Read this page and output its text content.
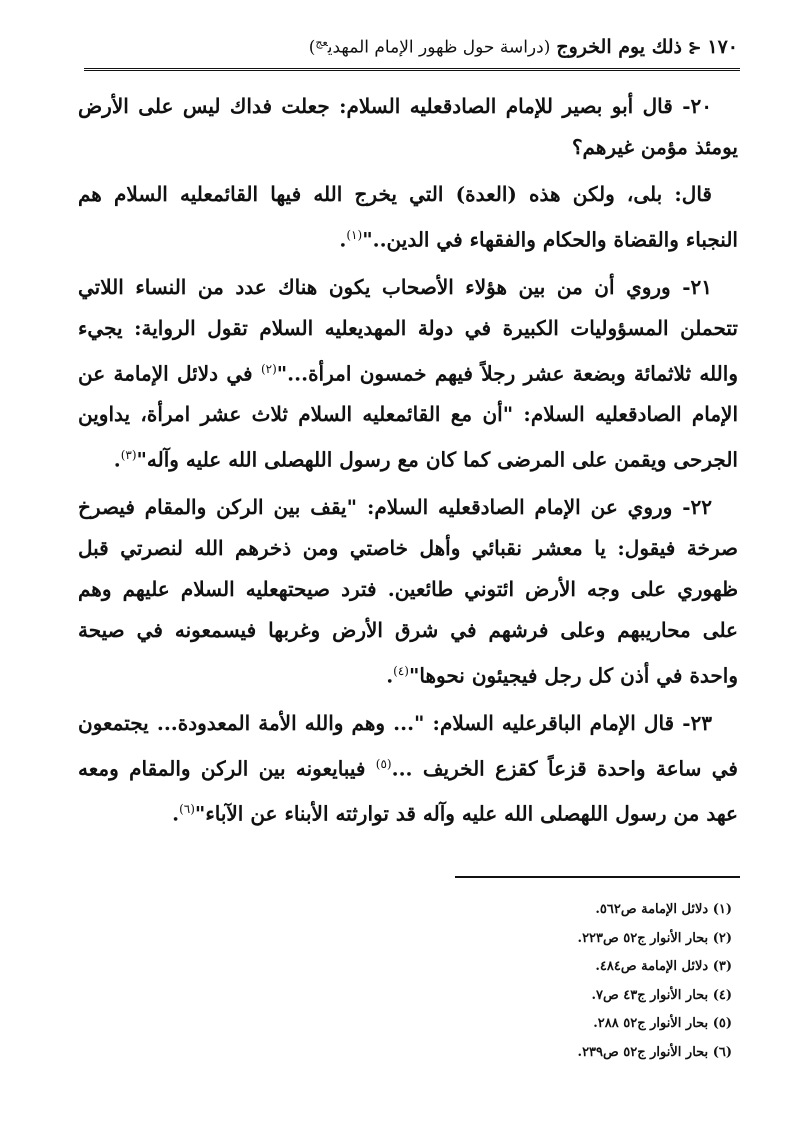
١٧٠
⊰
ذلك يوم الخروج
(دراسة حول ظهور الإمام المهدي$^{عج}$)

٢٠- قال أبو بصير للإمام الصادقعليه السلام: جعلت فداك ليس على الأرض يومئذ مؤمن غيرهم؟

قال: بلى، ولكن هذه (العدة) التي يخرج الله فيها القائمعليه السلام هم النجباء والقضاة والحكام والفقهاء في الدين.."$^{(١)}$.

٢١- وروي أن من بين هؤلاء الأصحاب يكون هناك عدد من النساء اللاتي تتحملن المسؤوليات الكبيرة في دولة المهديعليه السلام تقول الرواية: يجيء والله ثلاثمائة وبضعة عشر رجلاً فيهم خمسون امرأة..."$^{(٢)}$ في دلائل الإمامة عن الإمام الصادقعليه السلام: "أن مع القائمعليه السلام ثلاث عشر امرأة، يداوين الجرحى ويقمن على المرضى كما كان مع رسول اللهصلى الله عليه وآله"$^{(٣)}$.

٢٢- وروي عن الإمام الصادقعليه السلام: "يقف بين الركن والمقام فيصرخ صرخة فيقول: يا معشر نقبائي وأهل خاصتي ومن ذخرهم الله لنصرتي قبل ظهوري على وجه الأرض ائتوني طائعين. فترد صيحتهعليه السلام عليهم وهم على محاريبهم وعلى فرشهم في شرق الأرض وغربها فيسمعونه في صيحة واحدة في أذن كل رجل فيجيئون نحوها"$^{(٤)}$.

٢٣- قال الإمام الباقرعليه السلام: "... وهم والله الأمة المعدودة... يجتمعون في ساعة واحدة قزعاً كقزع الخريف ...$^{(٥)}$ فيبايعونه بين الركن والمقام ومعه عهد من رسول اللهصلى الله عليه وآله قد توارثته الأبناء عن الآباء"$^{(٦)}$.

(١) دلائل الإمامة ص٥٦٢.
(٢) بحار الأنوار ج٥٢ ص٢٢٣.
(٣) دلائل الإمامة ص٤٨٤.
(٤) بحار الأنوار ج٤٣ ص٧.
(٥) بحار الأنوار ج٥٢ ٢٨٨.
(٦) بحار الأنوار ج٥٢ ص٢٣٩.
